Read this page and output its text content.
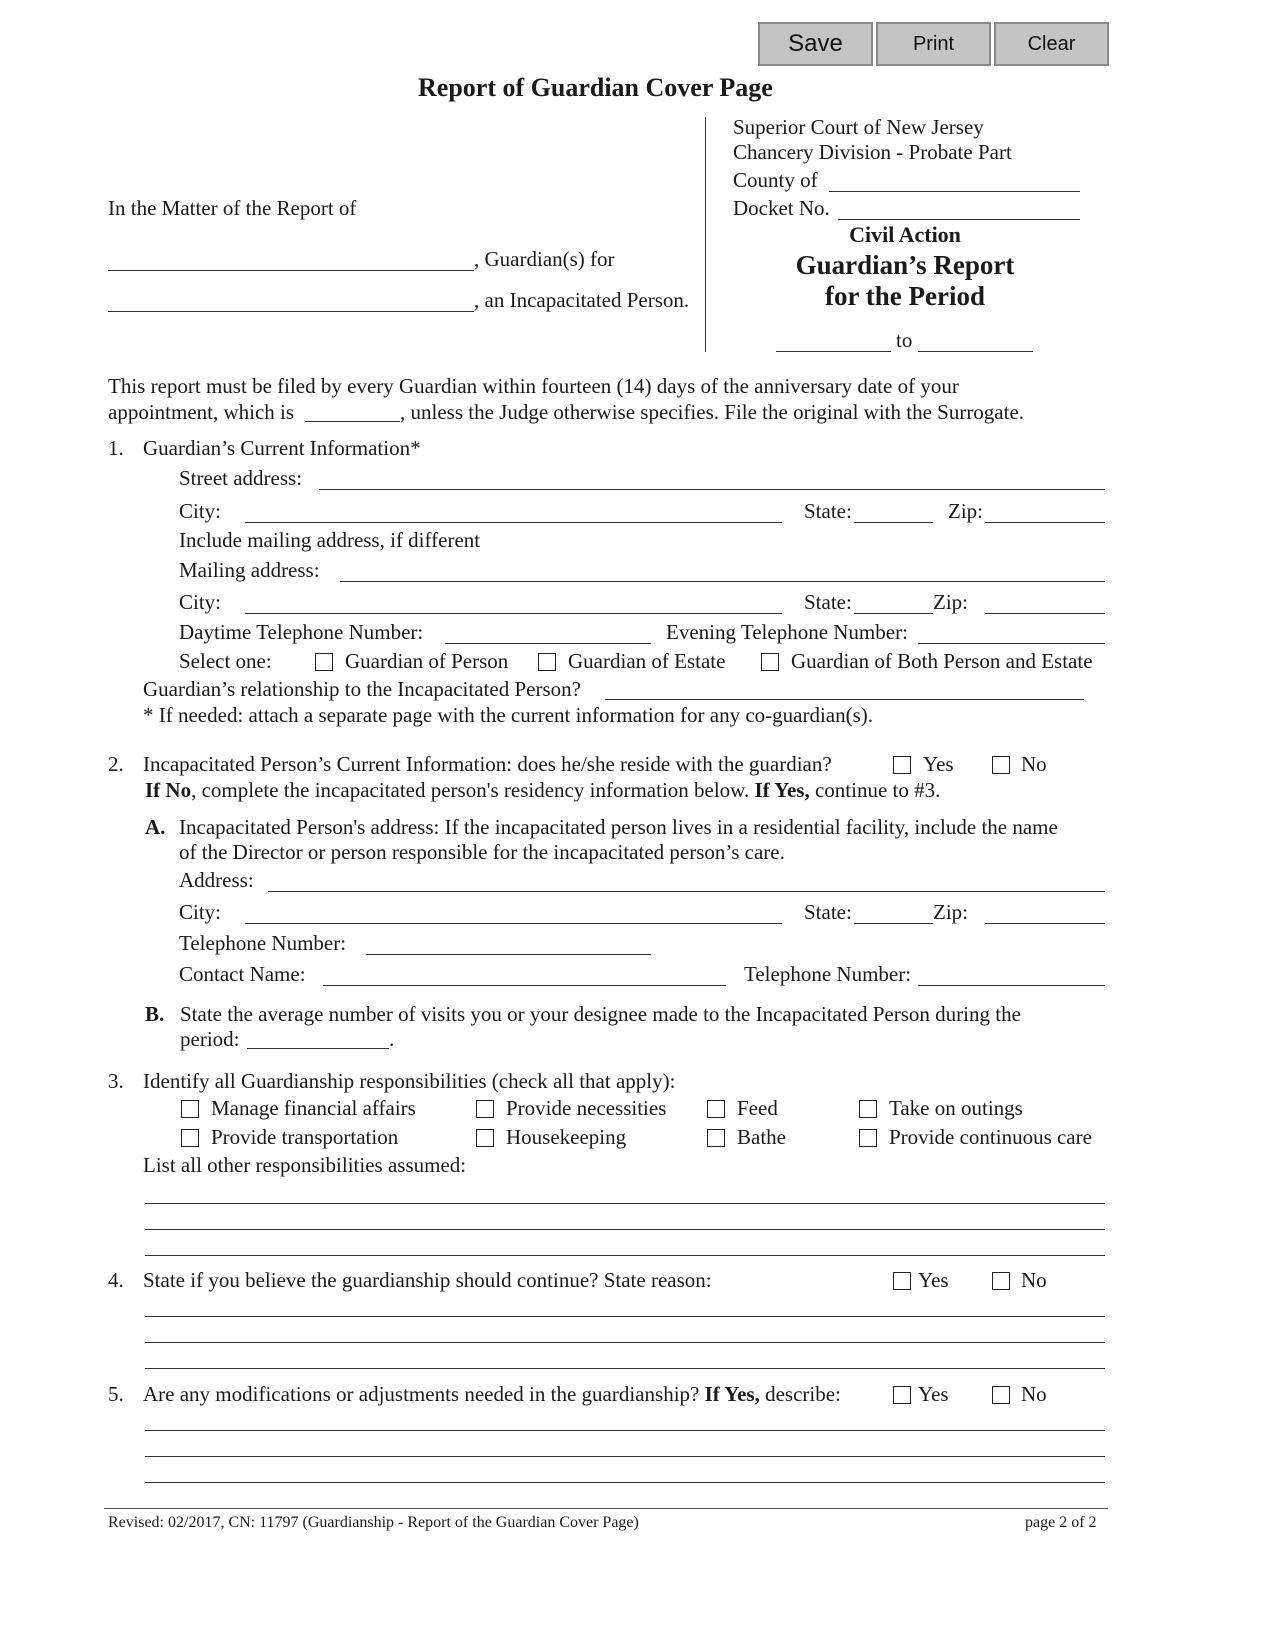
Save	Print	Clear
Report of Guardian Cover Page
In the Matter of the Report of
, Guardian(s) for
, an Incapacitated Person.
Superior Court of New Jersey
Chancery Division - Probate Part
County of
Docket No.
Civil Action
Guardian’s Report
for the Period
to
This report must be filed by every Guardian within fourteen (14) days of the anniversary date of your
appointment, which is	, unless the Judge otherwise specifies. File the original with the Surrogate.
1. Guardian’s Current Information*
Street address:
City:	State:	Zip:
Include mailing address, if different
Mailing address:
City:	State:	Zip:
Daytime Telephone Number:	Evening Telephone Number:
Select one:	Guardian of Person	Guardian of Estate	Guardian of Both Person and Estate
Guardian’s relationship to the Incapacitated Person?
* If needed: attach a separate page with the current information for any co-guardian(s).
2. Incapacitated Person’s Current Information: does he/she reside with the guardian?	Yes	No
If No, complete the incapacitated person's residency information below. If Yes, continue to #3.
A. Incapacitated Person's address: If the incapacitated person lives in a residential facility, include the name
of the Director or person responsible for the incapacitated person’s care.
Address:
City:	State:	Zip:
Telephone Number:
Contact Name:	Telephone Number:
B. State the average number of visits you or your designee made to the Incapacitated Person during the
period:	.
3. Identify all Guardianship responsibilities (check all that apply):
Manage financial affairs	Provide necessities	Feed	Take on outings
Provide transportation	Housekeeping	Bathe	Provide continuous care
List all other responsibilities assumed:
4. State if you believe the guardianship should continue? State reason:	Yes	No
5. Are any modifications or adjustments needed in the guardianship? If Yes, describe:	Yes	No
Revised: 02/2017, CN: 11797 (Guardianship - Report of the Guardian Cover Page)	page 2 of 2
